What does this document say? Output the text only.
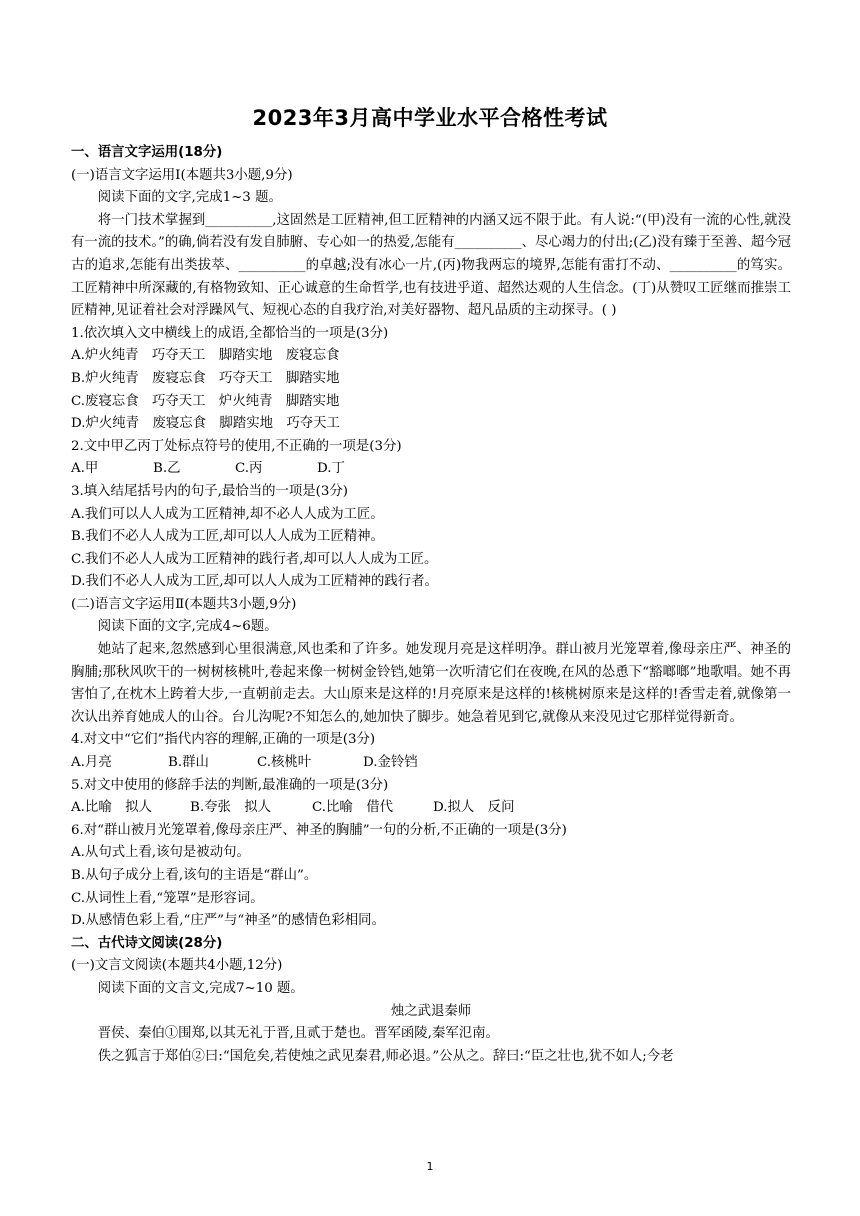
2023年3月高中学业水平合格性考试

一、语言文字运用(18分)

(一)语言文字运用Ⅰ(本题共3小题,9分)

阅读下面的文字,完成1~3 题。

将一门技术掌握到__________,这固然是工匠精神,但工匠精神的内涵又远不限于此。有人说:“(甲)没有一流的心性,就没有一流的技术。”的确,倘若没有发自肺腑、专心如一的热爱,怎能有__________、尽心竭力的付出;(乙)没有臻于至善、超今冠古的追求,怎能有出类拔萃、__________的卓越;没有冰心一片,(丙)物我两忘的境界,怎能有雷打不动、__________的笃实。工匠精神中所深藏的,有格物致知、正心诚意的生命哲学,也有技进乎道、超然达观的人生信念。(丁)从赞叹工匠继而推崇工匠精神,见证着社会对浮躁风气、短视心态的自我疗治,对美好器物、超凡品质的主动探寻。( )

1.依次填入文中横线上的成语,全都恰当的一项是(3分)

A.炉火纯青　巧夺天工　脚踏实地　废寝忘食

B.炉火纯青　废寝忘食　巧夺天工　脚踏实地

C.废寝忘食　巧夺天工　炉火纯青　脚踏实地

D.炉火纯青　废寝忘食　脚踏实地　巧夺天工

2.文中甲乙丙丁处标点符号的使用,不正确的一项是(3分)

A.甲	B.乙	C.丙	D.丁

3.填入结尾括号内的句子,最恰当的一项是(3分)

A.我们可以人人成为工匠精神,却不必人人成为工匠。

B.我们不必人人成为工匠,却可以人人成为工匠精神。

C.我们不必人人成为工匠精神的践行者,却可以人人成为工匠。

D.我们不必人人成为工匠,却可以人人成为工匠精神的践行者。

(二)语言文字运用Ⅱ(本题共3小题,9分)

阅读下面的文字,完成4~6题。

她站了起来,忽然感到心里很满意,风也柔和了许多。她发现月亮是这样明净。群山被月光笼罩着,像母亲庄严、神圣的胸脯;那秋风吹干的一树树核桃叶,卷起来像一树树金铃铛,她第一次听清它们在夜晚,在风的怂恿下“豁啷啷”地歌唱。她不再害怕了,在枕木上跨着大步,一直朝前走去。大山原来是这样的!月亮原来是这样的!核桃树原来是这样的!香雪走着,就像第一次认出养育她成人的山谷。台儿沟呢?不知怎么的,她加快了脚步。她急着见到它,就像从来没见过它那样觉得新奇。

4.对文中“它们”指代内容的理解,正确的一项是(3分)

A.月亮	B.群山	C.核桃叶	D.金铃铛

5.对文中使用的修辞手法的判断,最准确的一项是(3分)

A.比喻　拟人	B.夸张　拟人	C.比喻　借代	D.拟人　反问

6.对“群山被月光笼罩着,像母亲庄严、神圣的胸脯”一句的分析,不正确的一项是(3分)

A.从句式上看,该句是被动句。

B.从句子成分上看,该句的主语是“群山”。

C.从词性上看,“笼罩”是形容词。

D.从感情色彩上看,“庄严”与“神圣”的感情色彩相同。

二、古代诗文阅读(28分)

(一)文言文阅读(本题共4小题,12分)

阅读下面的文言文,完成7~10 题。

烛之武退秦师

晋侯、秦伯①围郑,以其无礼于晋,且贰于楚也。晋军函陵,秦军氾南。

佚之狐言于郑伯②曰:“国危矣,若使烛之武见秦君,师必退。”公从之。辞曰:“臣之壮也,犹不如人;今老

1
